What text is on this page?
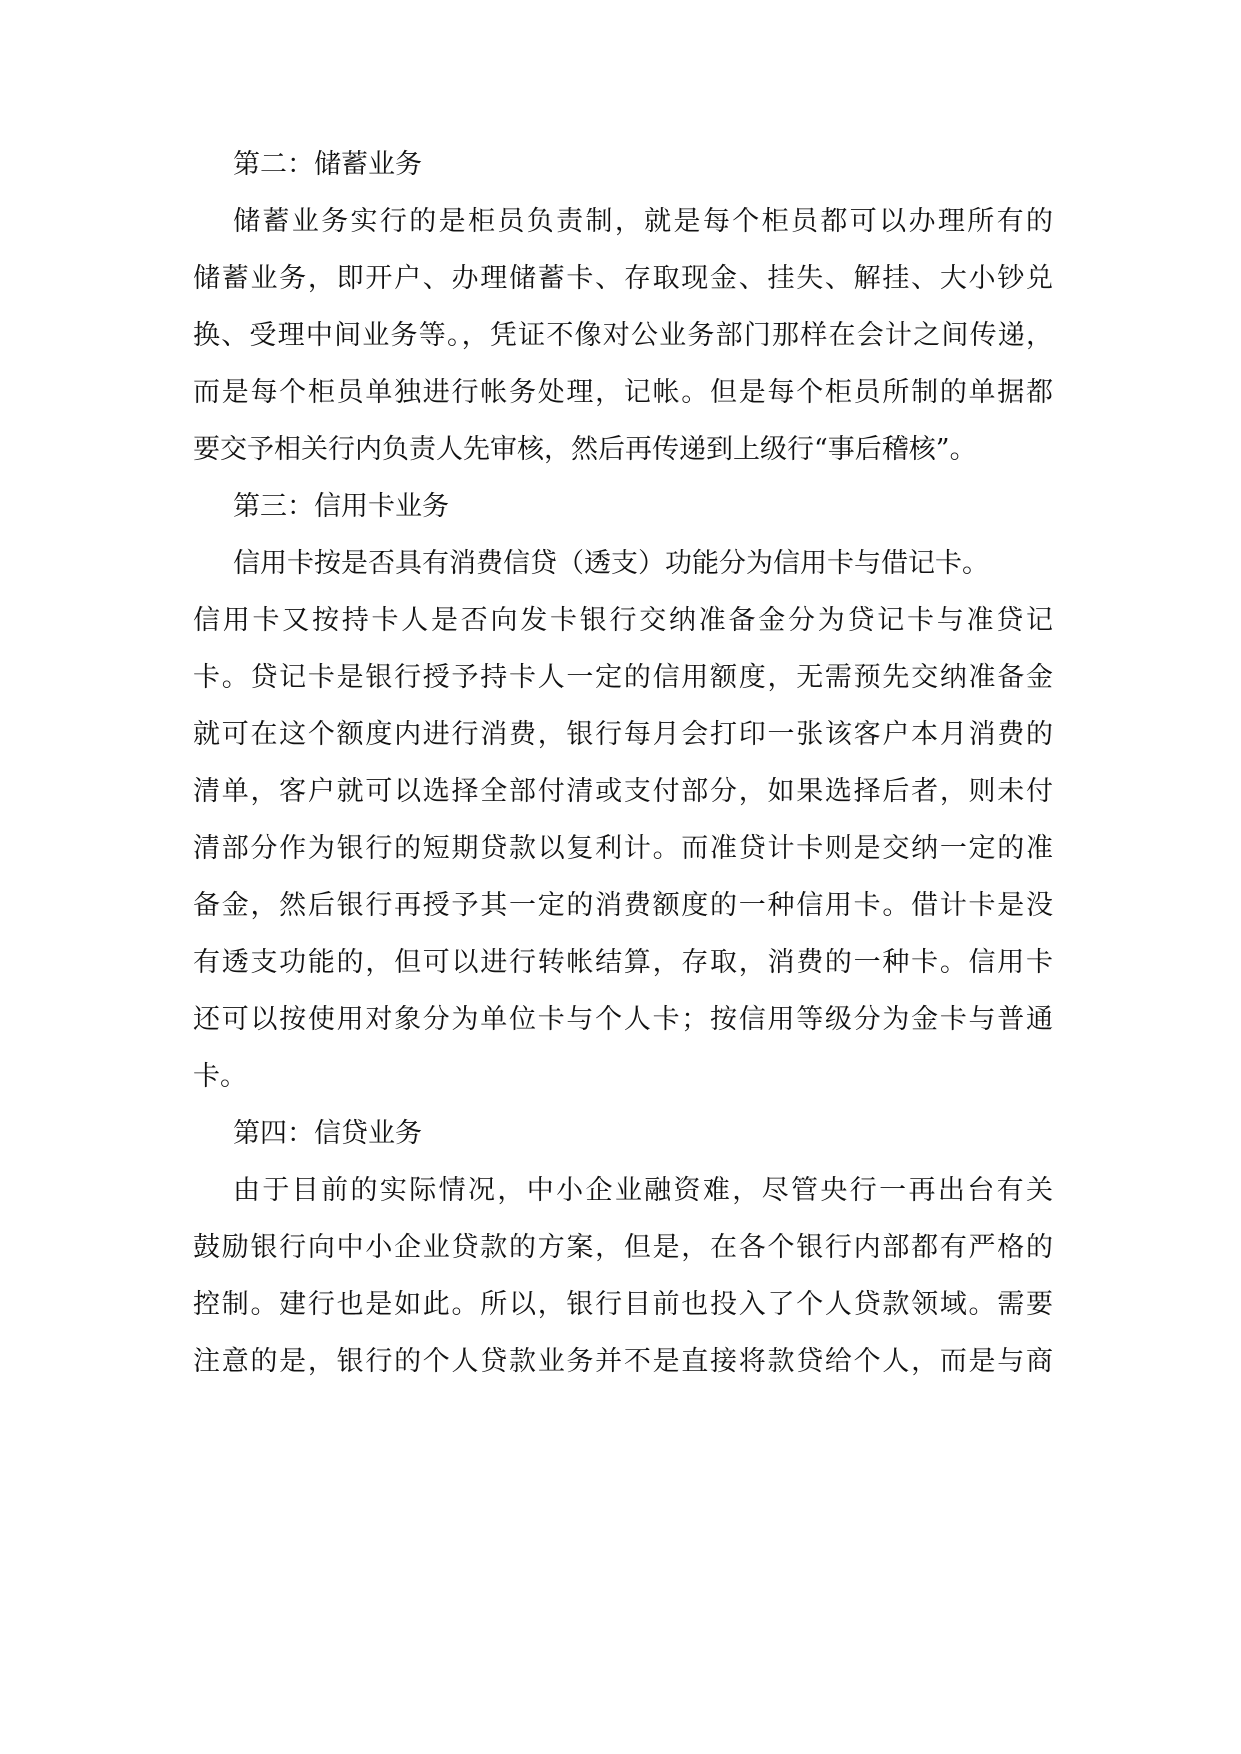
第二：储蓄业务

储蓄业务实行的是柜员负责制，就是每个柜员都可以办理所有的

储蓄业务，即开户、办理储蓄卡、存取现金、挂失、解挂、大小钞兑

换、受理中间业务等。，凭证不像对公业务部门那样在会计之间传递，

而是每个柜员单独进行帐务处理，记帐。但是每个柜员所制的单据都

要交予相关行内负责人先审核，然后再传递到上级行“事后稽核”。

第三：信用卡业务

信用卡按是否具有消费信贷（透支）功能分为信用卡与借记卡。

信用卡又按持卡人是否向发卡银行交纳准备金分为贷记卡与准贷记

卡。贷记卡是银行授予持卡人一定的信用额度，无需预先交纳准备金

就可在这个额度内进行消费，银行每月会打印一张该客户本月消费的

清单，客户就可以选择全部付清或支付部分，如果选择后者，则未付

清部分作为银行的短期贷款以复利计。而准贷计卡则是交纳一定的准

备金，然后银行再授予其一定的消费额度的一种信用卡。借计卡是没

有透支功能的，但可以进行转帐结算，存取，消费的一种卡。信用卡

还可以按使用对象分为单位卡与个人卡；按信用等级分为金卡与普通

卡。

第四：信贷业务

由于目前的实际情况，中小企业融资难，尽管央行一再出台有关

鼓励银行向中小企业贷款的方案，但是，在各个银行内部都有严格的

控制。建行也是如此。所以，银行目前也投入了个人贷款领域。需要

注意的是，银行的个人贷款业务并不是直接将款贷给个人，而是与商
